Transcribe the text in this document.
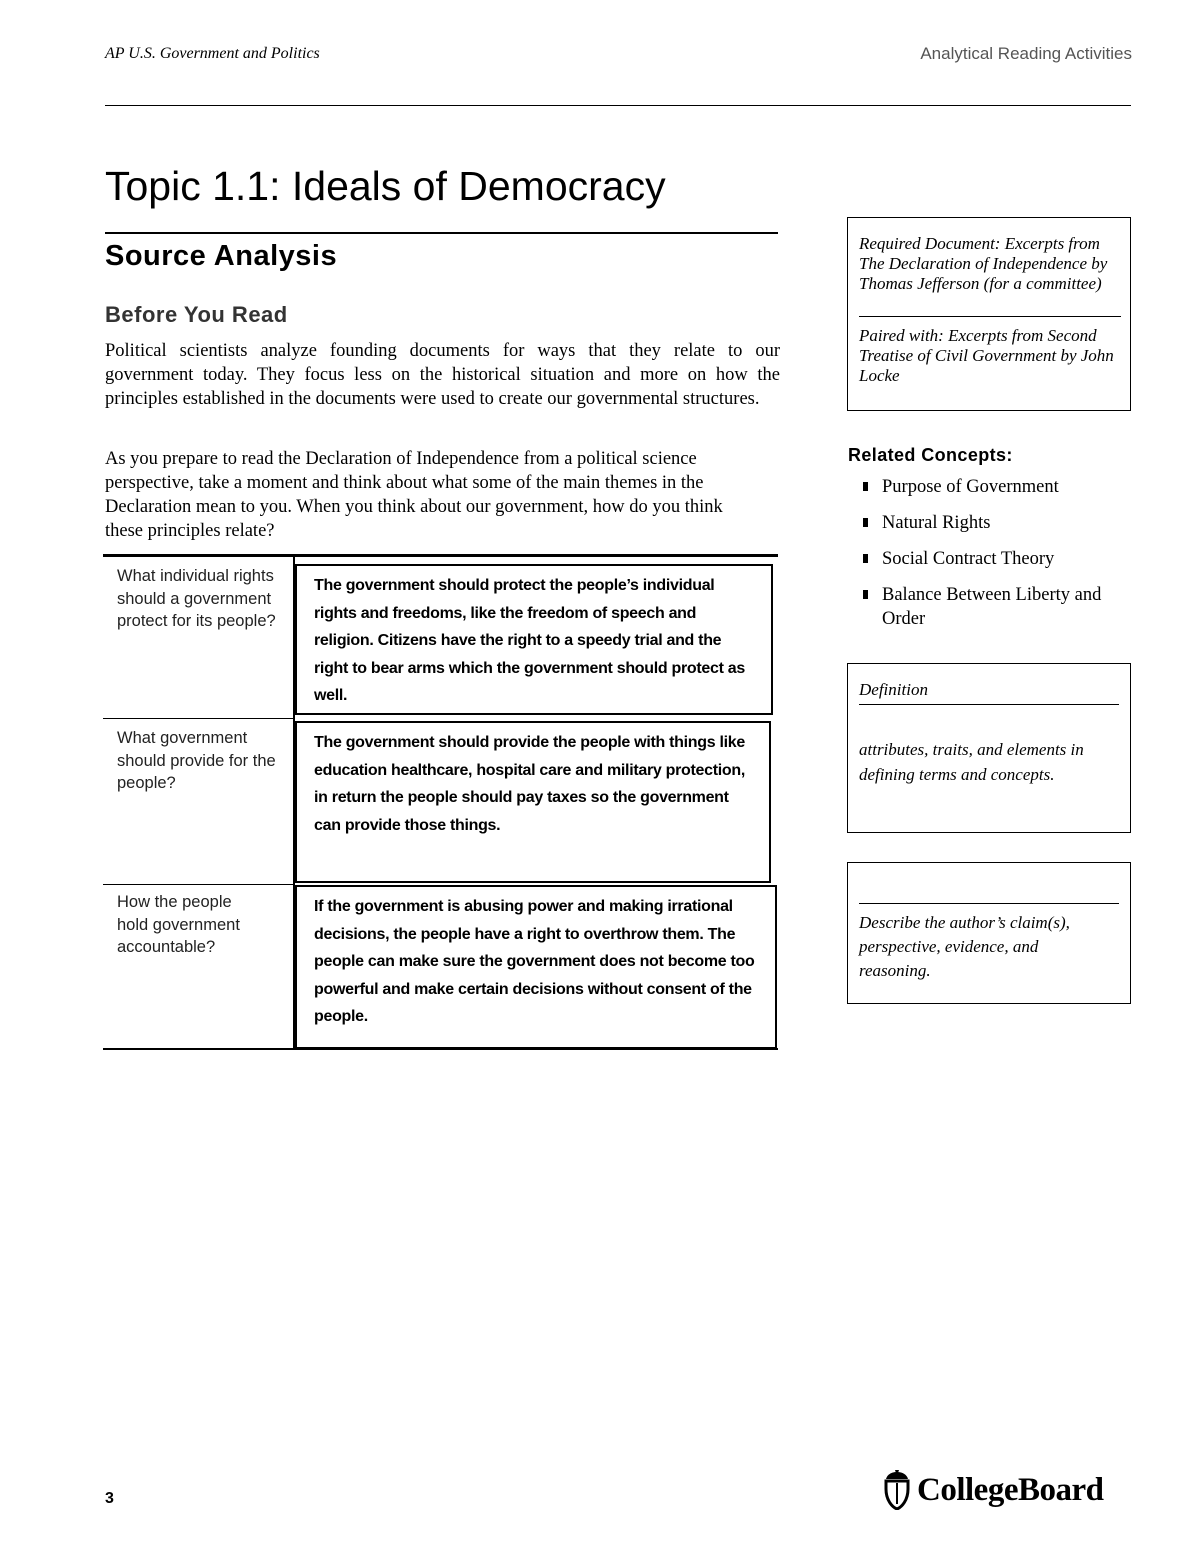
AP U.S. Government and Politics	Analytical Reading Activities
Topic 1.1: Ideals of Democracy
Source Analysis
Before You Read

Political scientists analyze founding documents for ways that they relate to our government today. They focus less on the historical situation and more on how the principles established in the documents were used to create our governmental structures.

As you prepare to read the Declaration of Independence from a political science perspective, take a moment and think about what some of the main themes in the Declaration mean to you. When you think about our government, how do you think these principles relate?

What individual rights should a government protect for its people?
What government should provide for the people?
How the people hold government accountable?
The government should protect the people’s individual rights and freedoms, like the freedom of speech and religion. Citizens have the right to a speedy trial and the right to bear arms which the government should protect as well.
The government should provide the people with things like education healthcare, hospital care and military protection, in return the people should pay taxes so the government can provide those things.
If the government is abusing power and making irrational decisions, the people have a right to overthrow them. The people can make sure the government does not become too powerful and make certain decisions without consent of the people.
Required Document: Excerpts from The Declaration of Independence by Thomas Jefferson (for a committee)
Paired with: Excerpts from Second Treatise of Civil Government by John Locke
Related Concepts:
Purpose of Government
Natural Rights
Social Contract Theory
Balance Between Liberty and Order
Definition
attributes, traits, and elements in defining terms and concepts.
Describe the author’s claim(s), perspective, evidence, and reasoning.
3	CollegeBoard
